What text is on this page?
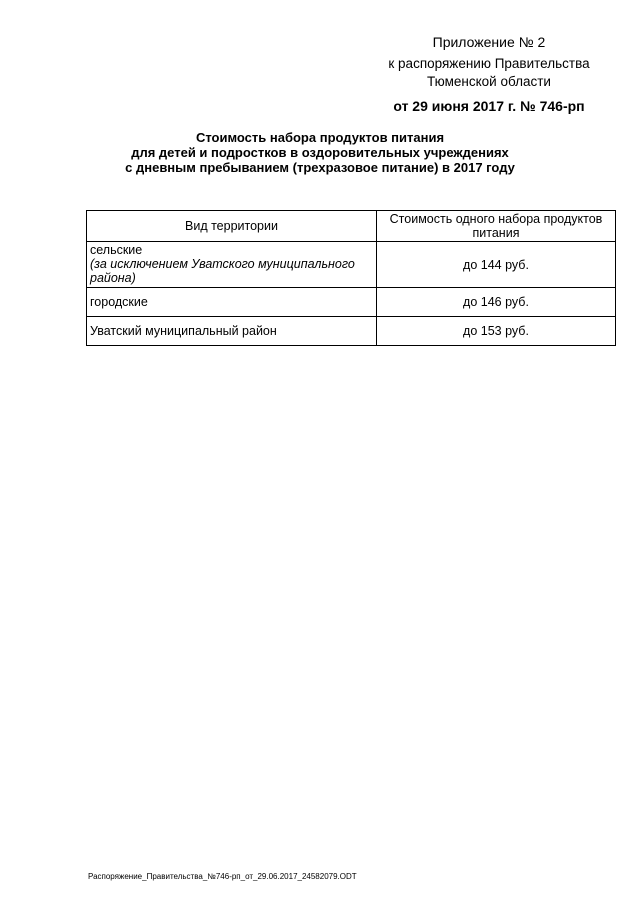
Приложение № 2
к распоряжению Правительства
Тюменской области
от 29 июня 2017 г. № 746-рп
Стоимость набора продуктов питания
для детей и подростков в оздоровительных учреждениях
с дневным пребыванием (трехразовое питание) в 2017 году
Вид территории	Стоимость одного набора продуктов питания
сельские
(за исключением Уватского муниципального района)	до 144 руб.
городские	до 146 руб.
Уватский муниципальный район	до 153 руб.
Распоряжение_Правительства_№746-рп_от_29.06.2017_24582079.ODT
